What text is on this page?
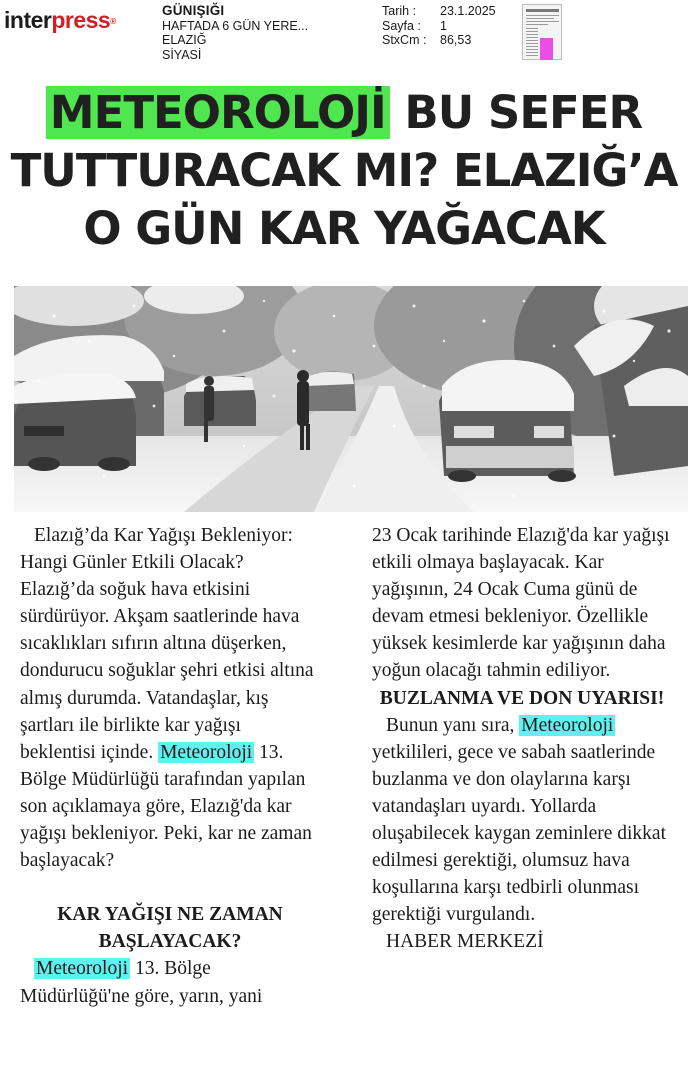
interpress®
GÜNIŞIĞI
HAFTADA 6 GÜN YERE...
ELAZIĞ
SİYASİ
Tarih :	23.1.2025
Sayfa :	1
StxCm :	86,53
METEOROLOJİ BU SEFER
TUTTURACAK MI? ELAZIĞ’A
O GÜN KAR YAĞACAK

Elazığ’da Kar Yağışı Bekleniyor: Hangi Günler Etkili Olacak? Elazığ’da soğuk hava etkisini sürdürüyor. Akşam saatlerinde hava sıcaklıkları sıfırın altına düşerken, dondurucu soğuklar şehri etkisi altına almış durumda. Vatandaşlar, kış şartları ile birlikte kar yağışı beklentisi içinde. Meteoroloji 13. Bölge Müdürlüğü tarafından yapılan son açıklamaya göre, Elazığ'da kar yağışı bekleniyor. Peki, kar ne zaman başlayacak?

KAR YAĞIŞI NE ZAMAN BAŞLAYACAK?

Meteoroloji 13. Bölge Müdürlüğü'ne göre, yarın, yani

23 Ocak tarihinde Elazığ'da kar yağışı etkili olmaya başlayacak. Kar yağışının, 24 Ocak Cuma günü de devam etmesi bekleniyor. Özellikle yüksek kesimlerde kar yağışının daha yoğun olacağı tahmin ediliyor.

BUZLANMA VE DON UYARISI!

Bunun yanı sıra, Meteoroloji yetkilileri, gece ve sabah saatlerinde buzlanma ve don olaylarına karşı vatandaşları uyardı. Yollarda oluşabilecek kaygan zeminlere dikkat edilmesi gerektiği, olumsuz hava koşullarına karşı tedbirli olunması gerektiği vurgulandı.

HABER MERKEZİ
